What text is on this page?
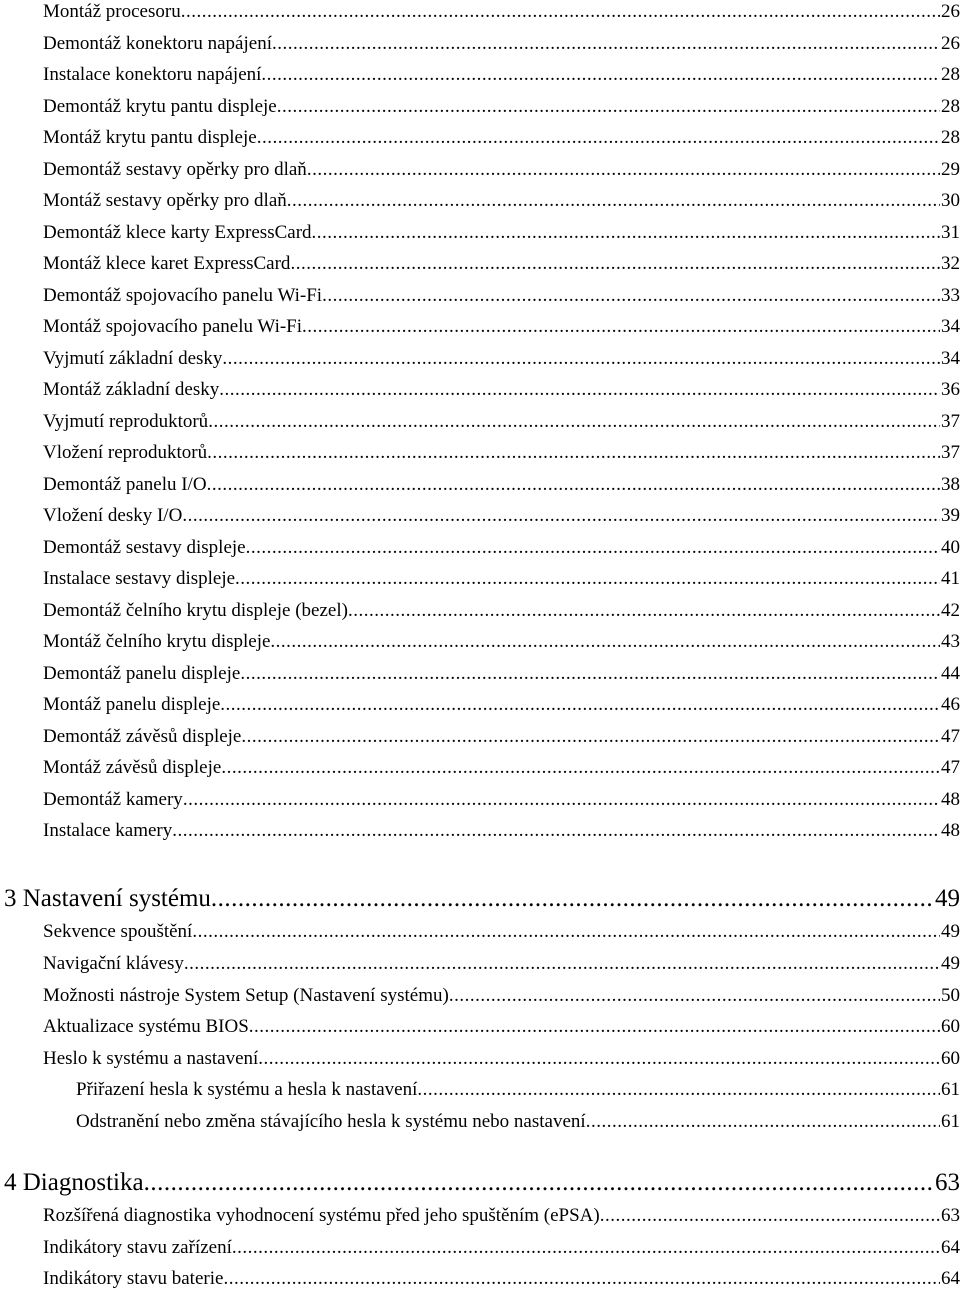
Montáž procesoru .....	26
Demontáž konektoru napájení .....	26
Instalace konektoru napájení .....	28
Demontáž krytu pantu displeje .....	28
Montáž krytu pantu displeje .....	28
Demontáž sestavy opěrky pro dlaň .....	29
Montáž sestavy opěrky pro dlaň .....	30
Demontáž klece karty ExpressCard .....	31
Montáž klece karet ExpressCard .....	32
Demontáž spojovacího panelu Wi-Fi .....	33
Montáž spojovacího panelu Wi-Fi .....	34
Vyjmutí základní desky .....	34
Montáž základní desky .....	36
Vyjmutí reproduktorů .....	37
Vložení reproduktorů .....	37
Demontáž panelu I/O .....	38
Vložení desky I/O .....	39
Demontáž sestavy displeje .....	40
Instalace sestavy displeje .....	41
Demontáž čelního krytu displeje (bezel) .....	42
Montáž čelního krytu displeje .....	43
Demontáž panelu displeje .....	44
Montáž panelu displeje .....	46
Demontáž závěsů displeje .....	47
Montáž závěsů displeje .....	47
Demontáž kamery .....	48
Instalace kamery .....	48
3 Nastavení systému .....	49
Sekvence spouštění .....	49
Navigační klávesy .....	49
Možnosti nástroje System Setup (Nastavení systému) .....	50
Aktualizace systému BIOS .....	60
Heslo k systému a nastavení .....	60
Přiřazení hesla k systému a hesla k nastavení .....	61
Odstranění nebo změna stávajícího hesla k systému nebo nastavení .....	61
4 Diagnostika .....	63
Rozšířená diagnostika vyhodnocení systému před jeho spuštěním (ePSA) .....	63
Indikátory stavu zařízení .....	64
Indikátory stavu baterie .....	64
